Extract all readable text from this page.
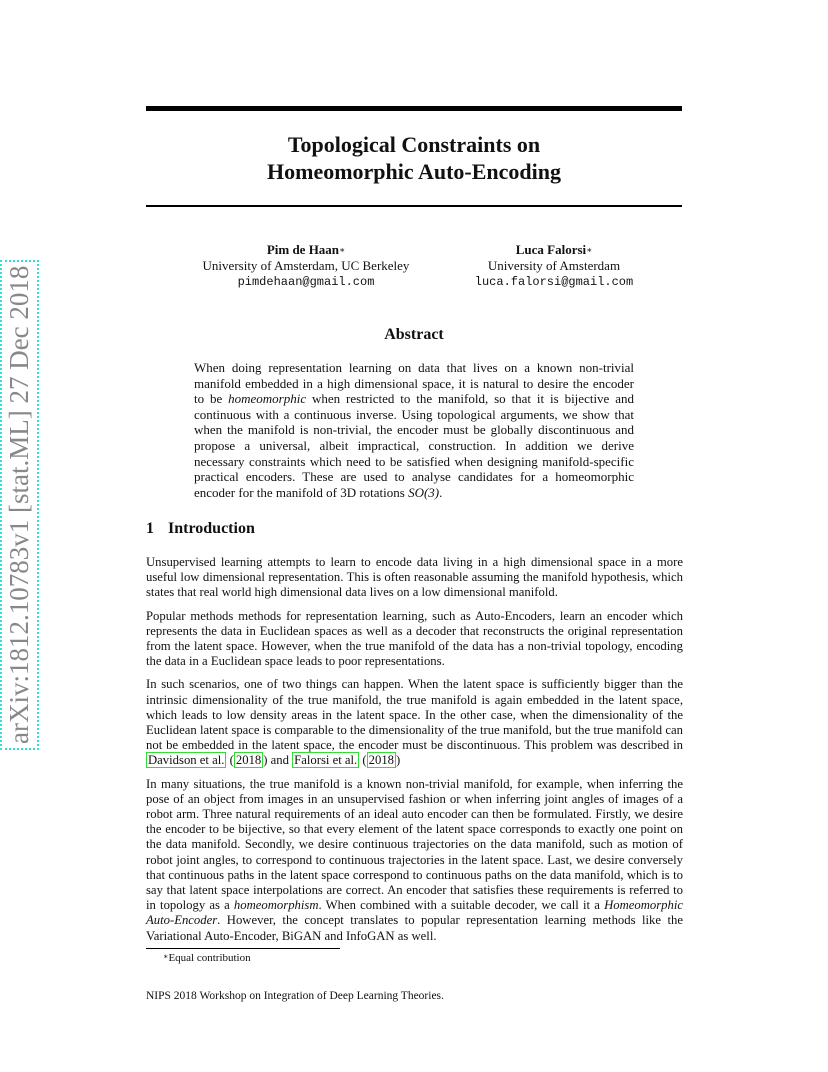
arXiv:1812.10783v1 [stat.ML] 27 Dec 2018
Topological Constraints on
Homeomorphic Auto-Encoding
Pim de Haan∗
University of Amsterdam, UC Berkeley
pimdehaan@gmail.com
Luca Falorsi∗
University of Amsterdam
luca.falorsi@gmail.com
Abstract
When doing representation learning on data that lives on a known non-trivial manifold embedded in a high dimensional space, it is natural to desire the encoder to be homeomorphic when restricted to the manifold, so that it is bijective and continuous with a continuous inverse. Using topological arguments, we show that when the manifold is non-trivial, the encoder must be globally discontinuous and propose a universal, albeit impractical, construction. In addition we derive necessary constraints which need to be satisfied when designing manifold-specific practical encoders. These are used to analyse candidates for a homeomorphic encoder for the manifold of 3D rotations SO(3).
1 Introduction

Unsupervised learning attempts to learn to encode data living in a high dimensional space in a more useful low dimensional representation. This is often reasonable assuming the manifold hypothesis, which states that real world high dimensional data lives on a low dimensional manifold.

Popular methods methods for representation learning, such as Auto-Encoders, learn an encoder which represents the data in Euclidean spaces as well as a decoder that reconstructs the original representation from the latent space. However, when the true manifold of the data has a non-trivial topology, encoding the data in a Euclidean space leads to poor representations.

In such scenarios, one of two things can happen. When the latent space is sufficiently bigger than the intrinsic dimensionality of the true manifold, the true manifold is again embedded in the latent space, which leads to low density areas in the latent space. In the other case, when the dimensionality of the Euclidean latent space is comparable to the dimensionality of the true manifold, but the true manifold can not be embedded in the latent space, the encoder must be discontinuous. This problem was described in Davidson et al. ( 2018 ) and Falorsi et al. ( 2018 )

In many situations, the true manifold is a known non-trivial manifold, for example, when inferring the pose of an object from images in an unsupervised fashion or when inferring joint angles of images of a robot arm. Three natural requirements of an ideal auto encoder can then be formulated. Firstly, we desire the encoder to be bijective, so that every element of the latent space corresponds to exactly one point on the data manifold. Secondly, we desire continuous trajectories on the data manifold, such as motion of robot joint angles, to correspond to continuous trajectories in the latent space. Last, we desire conversely that continuous paths in the latent space correspond to continuous paths on the data manifold, which is to say that latent space interpolations are correct. An encoder that satisfies these requirements is referred to in topology as a homeomorphism. When combined with a suitable decoder, we call it a Homeomorphic Auto-Encoder. However, the concept translates to popular representation learning methods like the Variational Auto-Encoder, BiGAN and InfoGAN as well.

∗Equal contribution
NIPS 2018 Workshop on Integration of Deep Learning Theories.
